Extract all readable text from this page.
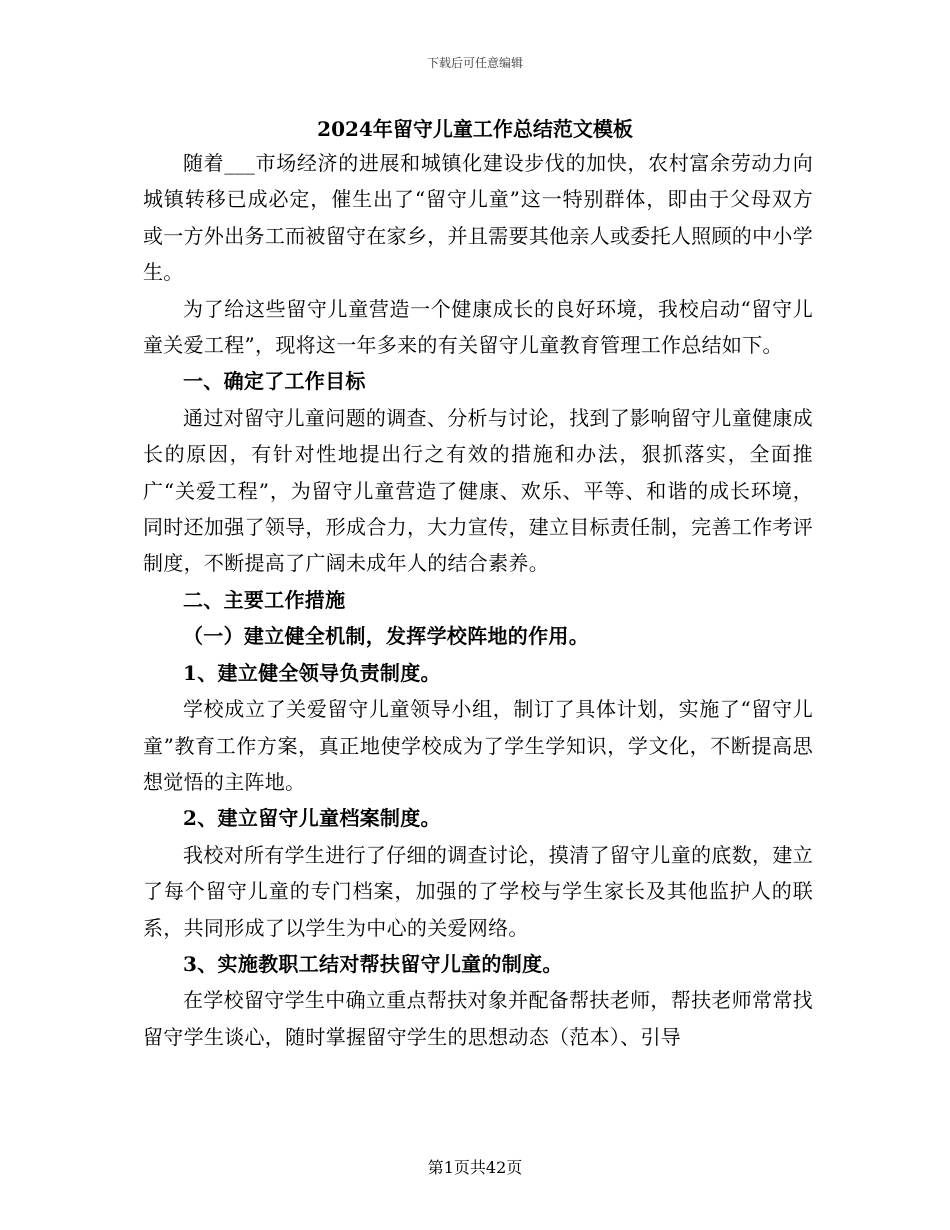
下载后可任意编辑
2024年留守儿童工作总结范文模板

随着___市场经济的进展和城镇化建设步伐的加快，农村富余劳动力向城镇转移已成必定，催生出了“留守儿童”这一特别群体，即由于父母双方或一方外出务工而被留守在家乡，并且需要其他亲人或委托人照顾的中小学生。

为了给这些留守儿童营造一个健康成长的良好环境，我校启动“留守儿童关爱工程”，现将这一年多来的有关留守儿童教育管理工作总结如下。

一、确定了工作目标

通过对留守儿童问题的调查、分析与讨论，找到了影响留守儿童健康成长的原因，有针对性地提出行之有效的措施和办法，狠抓落实，全面推广“关爱工程”，为留守儿童营造了健康、欢乐、平等、和谐的成长环境，同时还加强了领导，形成合力，大力宣传，建立目标责任制，完善工作考评制度，不断提高了广阔未成年人的结合素养。

二、主要工作措施

（一）建立健全机制，发挥学校阵地的作用。

1、建立健全领导负责制度。

学校成立了关爱留守儿童领导小组，制订了具体计划，实施了“留守儿童”教育工作方案，真正地使学校成为了学生学知识，学文化，不断提高思想觉悟的主阵地。

2、建立留守儿童档案制度。

我校对所有学生进行了仔细的调查讨论，摸清了留守儿童的底数，建立了每个留守儿童的专门档案，加强的了学校与学生家长及其他监护人的联系，共同形成了以学生为中心的关爱网络。

3、实施教职工结对帮扶留守儿童的制度。

在学校留守学生中确立重点帮扶对象并配备帮扶老师，帮扶老师常常找留守学生谈心，随时掌握留守学生的思想动态（范本）、引导

第1页共42页
